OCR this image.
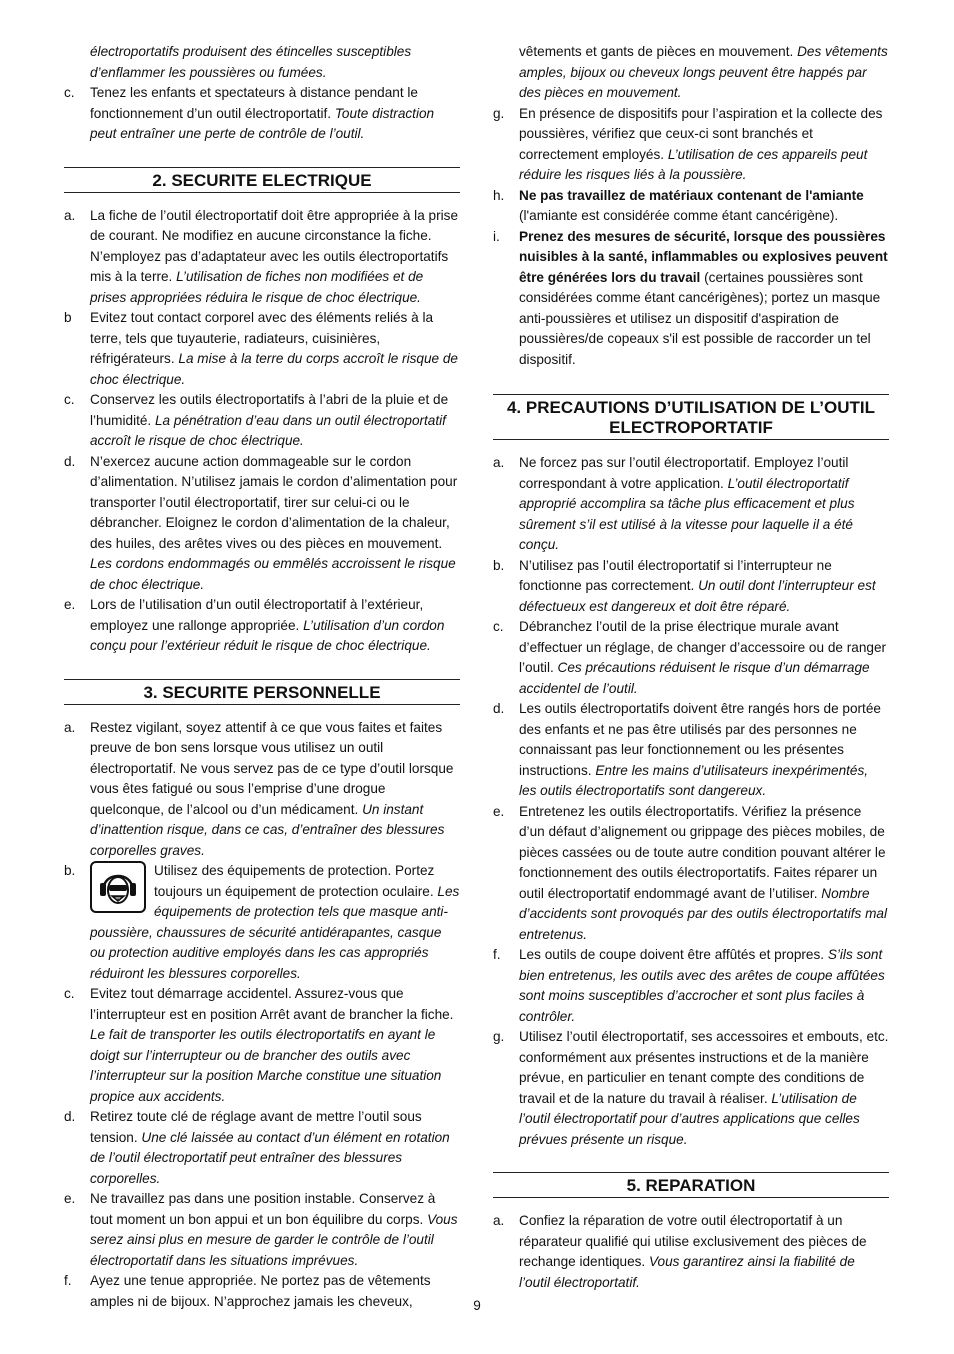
électroportatifs produisent des étincelles susceptibles d’enflammer les poussières ou fumées.
c. Tenez les enfants et spectateurs à distance pendant le fonctionnement d’un outil électroportatif. Toute distraction peut entraîner une perte de contrôle de l’outil.
2. SECURITE ELECTRIQUE
a. La fiche de l’outil électroportatif doit être appropriée à la prise de courant. Ne modifiez en aucune circonstance la fiche. N’employez pas d’adaptateur avec les outils électroportatifs mis à la terre. L’utilisation de fiches non modifiées et de prises appropriées réduira le risque de choc électrique.
b Evitez tout contact corporel avec des éléments reliés à la terre, tels que tuyauterie, radiateurs, cuisinières, réfrigérateurs. La mise à la terre du corps accroît le risque de choc électrique.
c. Conservez les outils électroportatifs à l’abri de la pluie et de l’humidité. La pénétration d’eau dans un outil électroportatif accroît le risque de choc électrique.
d. N’exercez aucune action dommageable sur le cordon d’alimentation. N’utilisez jamais le cordon d’alimentation pour transporter l’outil électroportatif, tirer sur celui-ci ou le débrancher. Eloignez le cordon d’alimentation de la chaleur, des huiles, des arêtes vives ou des pièces en mouvement. Les cordons endommagés ou emmêlés accroissent le risque de choc électrique.
e. Lors de l’utilisation d’un outil électroportatif à l’extérieur, employez une rallonge appropriée. L’utilisation d’un cordon conçu pour l’extérieur réduit le risque de choc électrique.
3. SECURITE PERSONNELLE
a. Restez vigilant, soyez attentif à ce que vous faites et faites preuve de bon sens lorsque vous utilisez un outil électroportatif. Ne vous servez pas de ce type d’outil lorsque vous êtes fatigué ou sous l’emprise d’une drogue quelconque, de l’alcool ou d’un médicament. Un instant d’inattention risque, dans ce cas, d’entraîner des blessures corporelles graves.
b.	Utilisez des équipements de protection. Portez toujours un équipement de protection oculaire. Les équipements de protection tels que masque anti-poussière, chaussures de sécurité antidérapantes, casque ou protection auditive employés dans les cas appropriés réduiront les blessures corporelles.
c. Evitez tout démarrage accidentel. Assurez-vous que l’interrupteur est en position Arrêt avant de brancher la fiche. Le fait de transporter les outils électroportatifs en ayant le doigt sur l’interrupteur ou de brancher des outils avec l’interrupteur sur la position Marche constitue une situation propice aux accidents.
d. Retirez toute clé de réglage avant de mettre l’outil sous tension. Une clé laissée au contact d’un élément en rotation de l’outil électroportatif peut entraîner des blessures corporelles.
e. Ne travaillez pas dans une position instable. Conservez à tout moment un bon appui et un bon équilibre du corps. Vous serez ainsi plus en mesure de garder le contrôle de l’outil électroportatif dans les situations imprévues.
f. Ayez une tenue appropriée. Ne portez pas de vêtements amples ni de bijoux. N’approchez jamais les cheveux,
vêtements et gants de pièces en mouvement. Des vêtements amples, bijoux ou cheveux longs peuvent être happés par des pièces en mouvement.
g. En présence de dispositifs pour l’aspiration et la collecte des poussières, vérifiez que ceux-ci sont branchés et correctement employés. L’utilisation de ces appareils peut réduire les risques liés à la poussière.
h. Ne pas travaillez de matériaux contenant de l'amiante (l'amiante est considérée comme étant cancérigène).
i. Prenez des mesures de sécurité, lorsque des poussières nuisibles à la santé, inflammables ou explosives peuvent être générées lors du travail (certaines poussières sont considérées comme étant cancérigènes); portez un masque anti-poussières et utilisez un dispositif d'aspiration de poussières/de copeaux s'il est possible de raccorder un tel dispositif.
4. PRECAUTIONS D’UTILISATION DE L’OUTIL
ELECTROPORTATIF
a. Ne forcez pas sur l’outil électroportatif. Employez l’outil correspondant à votre application. L’outil électroportatif approprié accomplira sa tâche plus efficacement et plus sûrement s’il est utilisé à la vitesse pour laquelle il a été conçu.
b. N’utilisez pas l’outil électroportatif si l’interrupteur ne fonctionne pas correctement. Un outil dont l’interrupteur est défectueux est dangereux et doit être réparé.
c. Débranchez l’outil de la prise électrique murale avant d’effectuer un réglage, de changer d’accessoire ou de ranger l’outil. Ces précautions réduisent le risque d’un démarrage accidentel de l’outil.
d. Les outils électroportatifs doivent être rangés hors de portée des enfants et ne pas être utilisés par des personnes ne connaissant pas leur fonctionnement ou les présentes instructions. Entre les mains d’utilisateurs inexpérimentés, les outils électroportatifs sont dangereux.
e. Entretenez les outils électroportatifs. Vérifiez la présence d’un défaut d’alignement ou grippage des pièces mobiles, de pièces cassées ou de toute autre condition pouvant altérer le fonctionnement des outils électroportatifs. Faites réparer un outil électroportatif endommagé avant de l’utiliser. Nombre d’accidents sont provoqués par des outils électroportatifs mal entretenus.
f. Les outils de coupe doivent être affûtés et propres. S’ils sont bien entretenus, les outils avec des arêtes de coupe affûtées sont moins susceptibles d’accrocher et sont plus faciles à contrôler.
g. Utilisez l’outil électroportatif, ses accessoires et embouts, etc. conformément aux présentes instructions et de la manière prévue, en particulier en tenant compte des conditions de travail et de la nature du travail à réaliser. L’utilisation de l’outil électroportatif pour d’autres applications que celles prévues présente un risque.
5. REPARATION
a. Confiez la réparation de votre outil électroportatif à un réparateur qualifié qui utilise exclusivement des pièces de rechange identiques. Vous garantirez ainsi la fiabilité de l’outil électroportatif.
9
